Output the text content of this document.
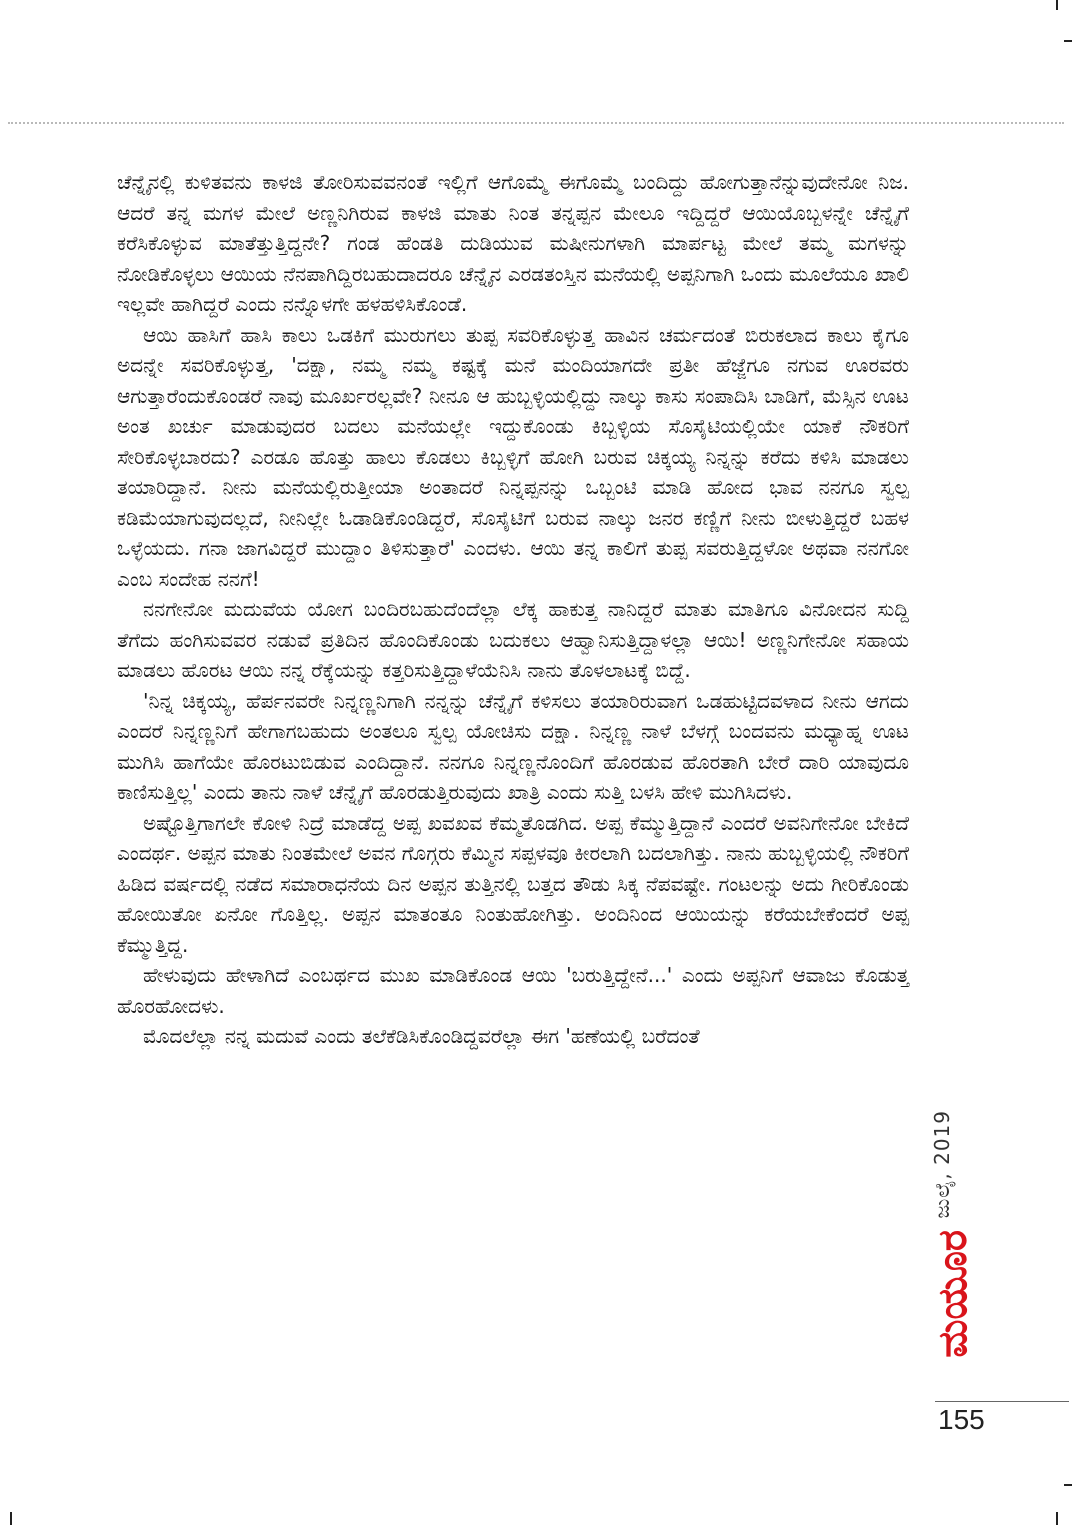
ಚೆನ್ನೈನಲ್ಲಿ ಕುಳಿತವನು ಕಾಳಜಿ ತೋರಿಸುವವನಂತೆ ಇಲ್ಲಿಗೆ ಆಗೊಮ್ಮೆ ಈಗೊಮ್ಮೆ ಬಂದಿದ್ದು ಹೋಗುತ್ತಾನೆನ್ನುವುದೇನೋ ನಿಜ. ಆದರೆ ತನ್ನ ಮಗಳ ಮೇಲೆ ಅಣ್ಣನಿಗಿರುವ ಕಾಳಜಿ ಮಾತು ನಿಂತ ತನ್ನಪ್ಪನ ಮೇಲೂ ಇದ್ದಿದ್ದರೆ ಆಯಿಯೊಬ್ಬಳನ್ನೇ ಚೆನ್ನೈಗೆ ಕರೆಸಿಕೊಳ್ಳುವ ಮಾತೆತ್ತುತ್ತಿದ್ದನೇ? ಗಂಡ ಹೆಂಡತಿ ದುಡಿಯುವ ಮಷೀನುಗಳಾಗಿ ಮಾರ್ಪಟ್ಟ ಮೇಲೆ ತಮ್ಮ ಮಗಳನ್ನು ನೋಡಿಕೊಳ್ಳಲು ಆಯಿಯ ನೆನಪಾಗಿದ್ದಿರಬಹುದಾದರೂ ಚೆನ್ನೈನ ಎರಡತಂಸ್ತಿನ ಮನೆಯಲ್ಲಿ ಅಪ್ಪನಿಗಾಗಿ ಒಂದು ಮೂಲೆಯೂ ಖಾಲಿ ಇಲ್ಲವೇ ಹಾಗಿದ್ದರೆ ಎಂದು ನನ್ನೊಳಗೇ ಹಳಹಳಿಸಿಕೊಂಡೆ.

ಆಯಿ ಹಾಸಿಗೆ ಹಾಸಿ ಕಾಲು ಒಡಕಿಗೆ ಮುರುಗಲು ತುಪ್ಪ ಸವರಿಕೊಳ್ಳುತ್ತ ಹಾವಿನ ಚರ್ಮದಂತೆ ಬಿರುಕಲಾದ ಕಾಲು ಕೈಗೂ ಅದನ್ನೇ ಸವರಿಕೊಳ್ಳುತ್ತ, 'ದಕ್ಷಾ, ನಮ್ಮ ನಮ್ಮ ಕಷ್ಟಕ್ಕೆ ಮನೆ ಮಂದಿಯಾಗದೇ ಪ್ರತೀ ಹೆಜ್ಜೆಗೂ ನಗುವ ಊರವರು ಆಗುತ್ತಾರೆಂದುಕೊಂಡರೆ ನಾವು ಮೂರ್ಖರಲ್ಲವೇ? ನೀನೂ ಆ ಹುಬ್ಬಳ್ಳಿಯಲ್ಲಿದ್ದು ನಾಲ್ಕು ಕಾಸು ಸಂಪಾದಿಸಿ ಬಾಡಿಗೆ, ಮೆಸ್ಸಿನ ಊಟ ಅಂತ ಖರ್ಚು ಮಾಡುವುದರ ಬದಲು ಮನೆಯಲ್ಲೇ ಇದ್ದುಕೊಂಡು ಕಿಬ್ಬಳ್ಳಿಯ ಸೊಸೈಟಿಯಲ್ಲಿಯೇ ಯಾಕೆ ನೌಕರಿಗೆ ಸೇರಿಕೊಳ್ಳಬಾರದು? ಎರಡೂ ಹೊತ್ತು ಹಾಲು ಕೊಡಲು ಕಿಬ್ಬಳ್ಳಿಗೆ ಹೋಗಿ ಬರುವ ಚಿಕ್ಕಯ್ಯ ನಿನ್ನನ್ನು ಕರೆದು ಕಳಿಸಿ ಮಾಡಲು ತಯಾರಿದ್ದಾನೆ. ನೀನು ಮನೆಯಲ್ಲಿರುತ್ತೀಯಾ ಅಂತಾದರೆ ನಿನ್ನಪ್ಪನನ್ನು ಒಬ್ಬಂಟಿ ಮಾಡಿ ಹೋದ ಭಾವ ನನಗೂ ಸ್ವಲ್ಪ ಕಡಿಮೆಯಾಗುವುದಲ್ಲದೆ, ನೀನಿಲ್ಲೇ ಓಡಾಡಿಕೊಂಡಿದ್ದರೆ, ಸೊಸೈಟಿಗೆ ಬರುವ ನಾಲ್ಕು ಜನರ ಕಣ್ಣಿಗೆ ನೀನು ಬೀಳುತ್ತಿದ್ದರೆ ಬಹಳ ಒಳ್ಳೆಯದು. ಗನಾ ಜಾಗವಿದ್ದರೆ ಮುದ್ದಾಂ ತಿಳಿಸುತ್ತಾರೆ' ಎಂದಳು. ಆಯಿ ತನ್ನ ಕಾಲಿಗೆ ತುಪ್ಪ ಸವರುತ್ತಿದ್ದಳೋ ಅಥವಾ ನನಗೋ ಎಂಬ ಸಂದೇಹ ನನಗೆ!

ನನಗೇನೋ ಮದುವೆಯ ಯೋಗ ಬಂದಿರಬಹುದೆಂದೆಲ್ಲಾ ಲೆಕ್ಕ ಹಾಕುತ್ತ ನಾನಿದ್ದರೆ ಮಾತು ಮಾತಿಗೂ ವಿನೋದನ ಸುದ್ದಿ ತೆಗೆದು ಹಂಗಿಸುವವರ ನಡುವೆ ಪ್ರತಿದಿನ ಹೊಂದಿಕೊಂಡು ಬದುಕಲು ಆಹ್ವಾನಿಸುತ್ತಿದ್ದಾಳಲ್ಲಾ ಆಯಿ! ಅಣ್ಣನಿಗೇನೋ ಸಹಾಯ ಮಾಡಲು ಹೊರಟ ಆಯಿ ನನ್ನ ರೆಕ್ಕೆಯನ್ನು ಕತ್ತರಿಸುತ್ತಿದ್ದಾಳೆಯೆನಿಸಿ ನಾನು ತೊಳಲಾಟಕ್ಕೆ ಬಿದ್ದೆ.

'ನಿನ್ನ ಚಿಕ್ಕಯ್ಯ, ಹೆರ್ಪನವರೇ ನಿನ್ನಣ್ಣನಿಗಾಗಿ ನನ್ನನ್ನು ಚೆನ್ನೈಗೆ ಕಳಿಸಲು ತಯಾರಿರುವಾಗ ಒಡಹುಟ್ಟಿದವಳಾದ ನೀನು ಆಗದು ಎಂದರೆ ನಿನ್ನಣ್ಣನಿಗೆ ಹೇಗಾಗಬಹುದು ಅಂತಲೂ ಸ್ವಲ್ಪ ಯೋಚಿಸು ದಕ್ಷಾ. ನಿನ್ನಣ್ಣ ನಾಳೆ ಬೆಳಗ್ಗೆ ಬಂದವನು ಮಧ್ಯಾಹ್ನ ಊಟ ಮುಗಿಸಿ ಹಾಗೆಯೇ ಹೊರಟುಬಿಡುವ ಎಂದಿದ್ದಾನೆ. ನನಗೂ ನಿನ್ನಣ್ಣನೊಂದಿಗೆ ಹೊರಡುವ ಹೊರತಾಗಿ ಬೇರೆ ದಾರಿ ಯಾವುದೂ ಕಾಣಿಸುತ್ತಿಲ್ಲ' ಎಂದು ತಾನು ನಾಳೆ ಚೆನ್ನೈಗೆ ಹೊರಡುತ್ತಿರುವುದು ಖಾತ್ರಿ ಎಂದು ಸುತ್ತಿ ಬಳಸಿ ಹೇಳಿ ಮುಗಿಸಿದಳು.

ಅಷ್ಟೊತ್ತಿಗಾಗಲೇ ಕೋಳಿ ನಿದ್ರೆ ಮಾಡೆದ್ದ ಅಪ್ಪ ಖವಖವ ಕೆಮ್ಮತೊಡಗಿದ. ಅಪ್ಪ ಕೆಮ್ಮುತ್ತಿದ್ದಾನೆ ಎಂದರೆ ಅವನಿಗೇನೋ ಬೇಕಿದೆ ಎಂದರ್ಥ. ಅಪ್ಪನ ಮಾತು ನಿಂತಮೇಲೆ ಅವನ ಗೊಗ್ಗರು ಕೆಮ್ಮಿನ ಸಪ್ಪಳವೂ ಕೀರಲಾಗಿ ಬದಲಾಗಿತ್ತು. ನಾನು ಹುಬ್ಬಳ್ಳಿಯಲ್ಲಿ ನೌಕರಿಗೆ ಹಿಡಿದ ವರ್ಷದಲ್ಲಿ ನಡೆದ ಸಮಾರಾಧನೆಯ ದಿನ ಅಪ್ಪನ ತುತ್ತಿನಲ್ಲಿ ಬತ್ತದ ತೌಡು ಸಿಕ್ಕ ನೆಪವಷ್ಟೇ. ಗಂಟಲನ್ನು ಅದು ಗೀರಿಕೊಂಡು ಹೋಯಿತೋ ಏನೋ ಗೊತ್ತಿಲ್ಲ. ಅಪ್ಪನ ಮಾತಂತೂ ನಿಂತುಹೋಗಿತ್ತು. ಅಂದಿನಿಂದ ಆಯಿಯನ್ನು ಕರೆಯಬೇಕೆಂದರೆ ಅಪ್ಪ ಕೆಮ್ಮುತ್ತಿದ್ದ.

ಹೇಳುವುದು ಹೇಳಾಗಿದೆ ಎಂಬರ್ಥದ ಮುಖ ಮಾಡಿಕೊಂಡ ಆಯಿ 'ಬರುತ್ತಿದ್ದೇನೆ...' ಎಂದು ಅಪ್ಪನಿಗೆ ಆವಾಜು ಕೊಡುತ್ತ ಹೊರಹೋದಳು.

ಮೊದಲೆಲ್ಲಾ ನನ್ನ ಮದುವೆ ಎಂದು ತಲೆಕೆಡಿಸಿಕೊಂಡಿದ್ದವರೆಲ್ಲಾ ಈಗ 'ಹಣೆಯಲ್ಲಿ ಬರೆದಂತೆ

ಜುಲೈ, 2019
ಮಯೂರ
155
